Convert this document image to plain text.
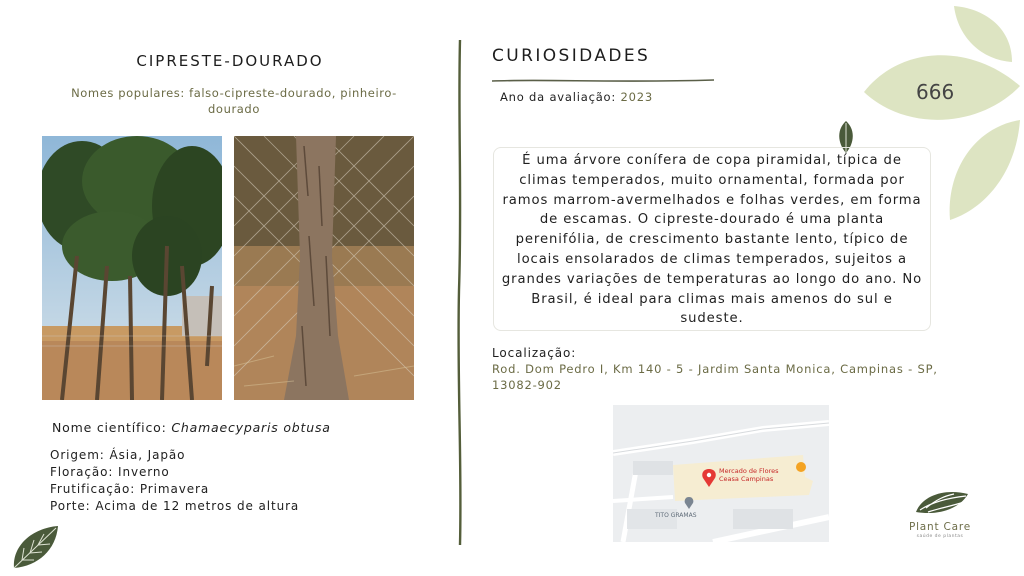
CIPRESTE-DOURADO
Nomes populares: falso-cipreste-dourado, pinheiro-dourado
Nome científico: Chamaecyparis obtusa
Origem: Ásia, Japão
Floração: Inverno
Frutificação: Primavera
Porte: Acima de 12 metros de altura
CURIOSIDADES
Ano da avaliação: 2023
É uma árvore conífera de copa piramidal, típica de climas temperados, muito ornamental, formada por ramos marrom-avermelhados e folhas verdes, em forma de escamas. O cipreste-dourado é uma planta perenifólia, de crescimento bastante lento, típico de locais ensolarados de climas temperados, sujeitos a grandes variações de temperaturas ao longo do ano. No Brasil, é ideal para climas mais amenos do sul e sudeste.
Localização:
Rod. Dom Pedro I, Km 140 - 5 - Jardim Santa Monica, Campinas - SP, 13082-902
Mercado de Flores
Ceasa Campinas
TITO GRAMAS
666
Plant Care
saúde de plantas
